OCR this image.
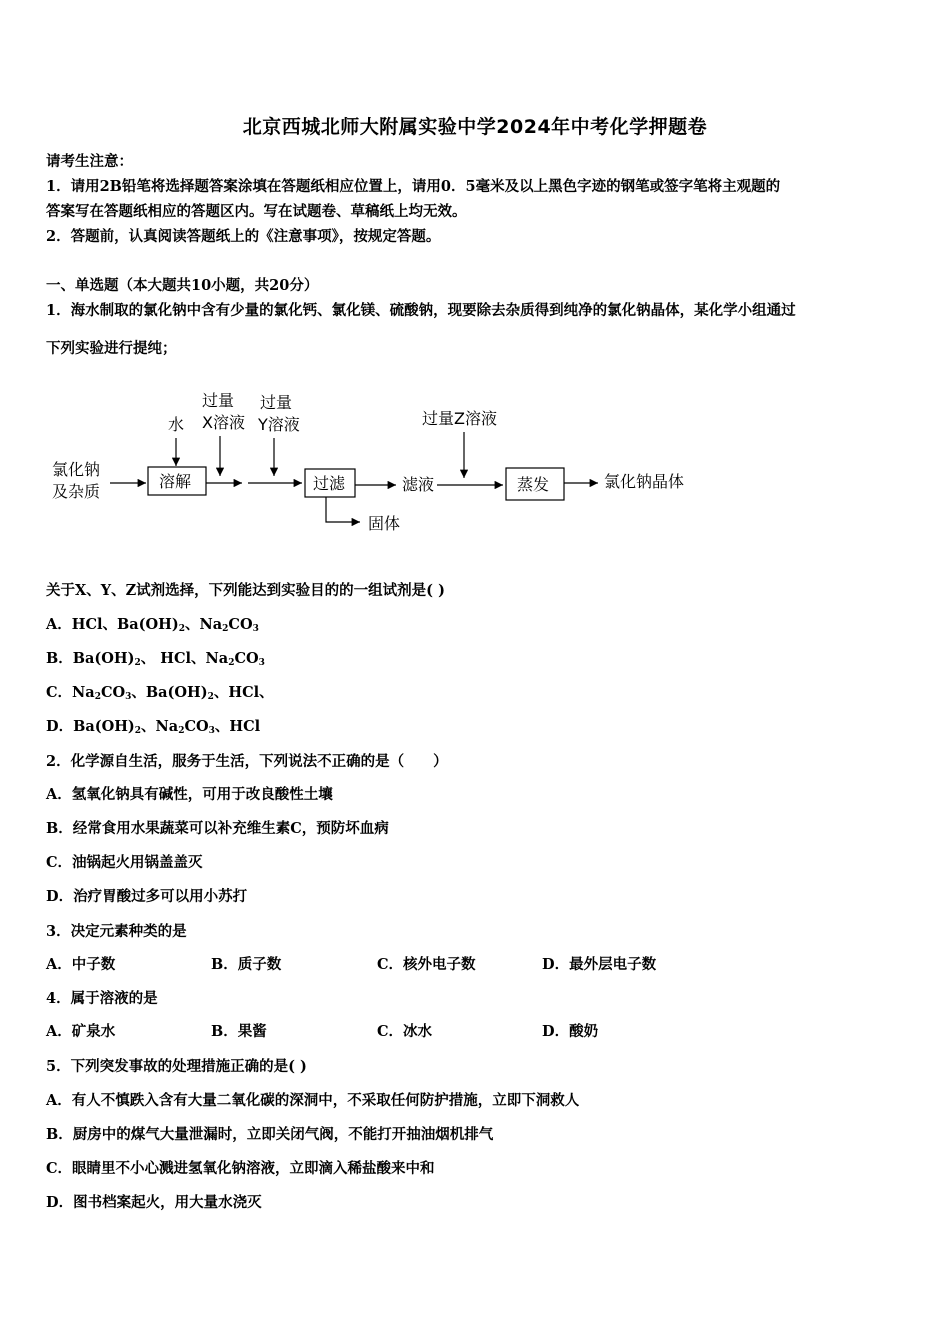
北京西城北师大附属实验中学2024年中考化学押题卷
请考生注意：
1．请用2B铅笔将选择题答案涂填在答题纸相应位置上，请用0．5毫米及以上黑色字迹的钢笔或签字笔将主观题的
答案写在答题纸相应的答题区内。写在试题卷、草稿纸上均无效。
2．答题前，认真阅读答题纸上的《注意事项》，按规定答题。
一、单选题（本大题共10小题，共20分）
1．海水制取的氯化钠中含有少量的氯化钙、氯化镁、硫酸钠，现要除去杂质得到纯净的氯化钠晶体，某化学小组通过
下列实验进行提纯；
氯化钠
及杂质
水
溶解
过量
X溶液
过量
Y溶液
过滤
固体
滤液
过量Z溶液
蒸发	氯化钠晶体
关于X、Y、Z试剂选择，下列能达到实验目的的一组试剂是( )
A．HCl、$Ba(OH)_2$、$Na_2CO_3$
B．$Ba(OH)_2$、 HCl、$Na_2CO_3$
C．$Na_2CO_3$、$Ba(OH)_2$、HCl、
D．$Ba(OH)_2$、$Na_2CO_3$、HCl
2．化学源自生活，服务于生活，下列说法不正确的是（　　）
A．氢氧化钠具有碱性，可用于改良酸性土壤
B．经常食用水果蔬菜可以补充维生素C，预防坏血病
C．油锅起火用锅盖盖灭
D．治疗胃酸过多可以用小苏打
3．决定元素种类的是
A．中子数	B．质子数	C．核外电子数	D．最外层电子数
4．属于溶液的是
A．矿泉水	B．果酱	C．冰水	D．酸奶
5．下列突发事故的处理措施正确的是( )
A．有人不慎跌入含有大量二氧化碳的深洞中，不采取任何防护措施，立即下洞救人
B．厨房中的煤气大量泄漏时，立即关闭气阀，不能打开抽油烟机排气
C．眼睛里不小心溅进氢氧化钠溶液，立即滴入稀盐酸来中和
D．图书档案起火，用大量水浇灭
